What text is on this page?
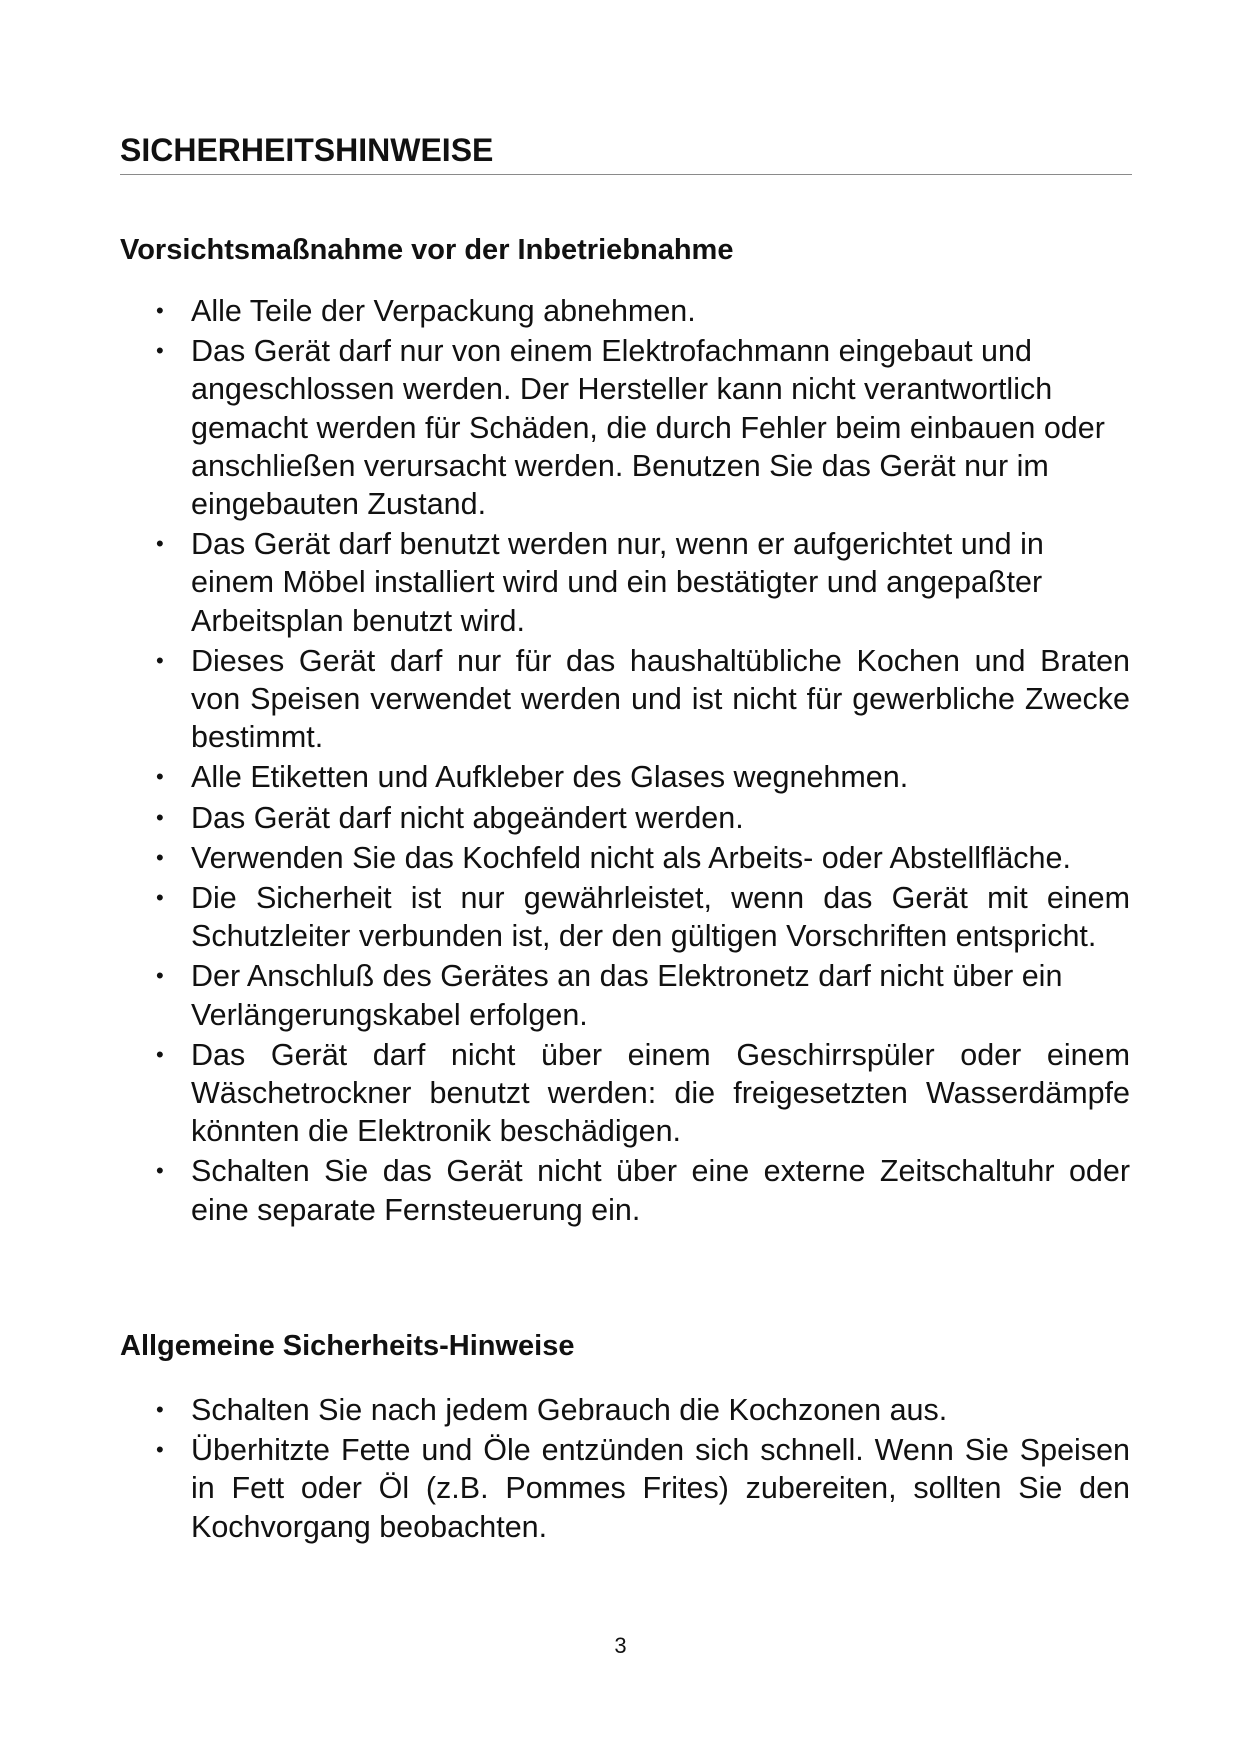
SICHERHEITSHINWEISE
Vorsichtsmaßnahme vor der Inbetriebnahme
• Alle Teile der Verpackung abnehmen.
• Das Gerät darf nur von einem Elektrofachmann eingebaut und angeschlossen werden. Der Hersteller kann nicht verantwortlich gemacht werden für Schäden, die durch Fehler beim einbauen oder anschließen verursacht werden. Benutzen Sie das Gerät nur im eingebauten Zustand.
• Das Gerät darf benutzt werden nur, wenn er aufgerichtet und in einem Möbel installiert wird und ein bestätigter und angepaßter Arbeitsplan benutzt wird.
• Dieses Gerät darf nur für das haushaltübliche Kochen und Braten von Speisen verwendet werden und ist nicht für gewerbliche Zwecke bestimmt.
• Alle Etiketten und Aufkleber des Glases wegnehmen.
• Das Gerät darf nicht abgeändert werden.
• Verwenden Sie das Kochfeld nicht als Arbeits- oder Abstellfläche.
• Die Sicherheit ist nur gewährleistet, wenn das Gerät mit einem Schutzleiter verbunden ist, der den gültigen Vorschriften entspricht.
• Der Anschluß des Gerätes an das Elektronetz darf nicht über ein Verlängerungskabel erfolgen.
• Das Gerät darf nicht über einem Geschirrspüler oder einem Wäschetrockner benutzt werden: die freigesetzten Wasserdämpfe könnten die Elektronik beschädigen.
• Schalten Sie das Gerät nicht über eine externe Zeitschaltuhr oder eine separate Fernsteuerung ein.
Allgemeine Sicherheits-Hinweise
• Schalten Sie nach jedem Gebrauch die Kochzonen aus.
• Überhitzte Fette und Öle entzünden sich schnell. Wenn Sie Speisen in Fett oder Öl (z.B. Pommes Frites) zubereiten, sollten Sie den Kochvorgang beobachten.
3
